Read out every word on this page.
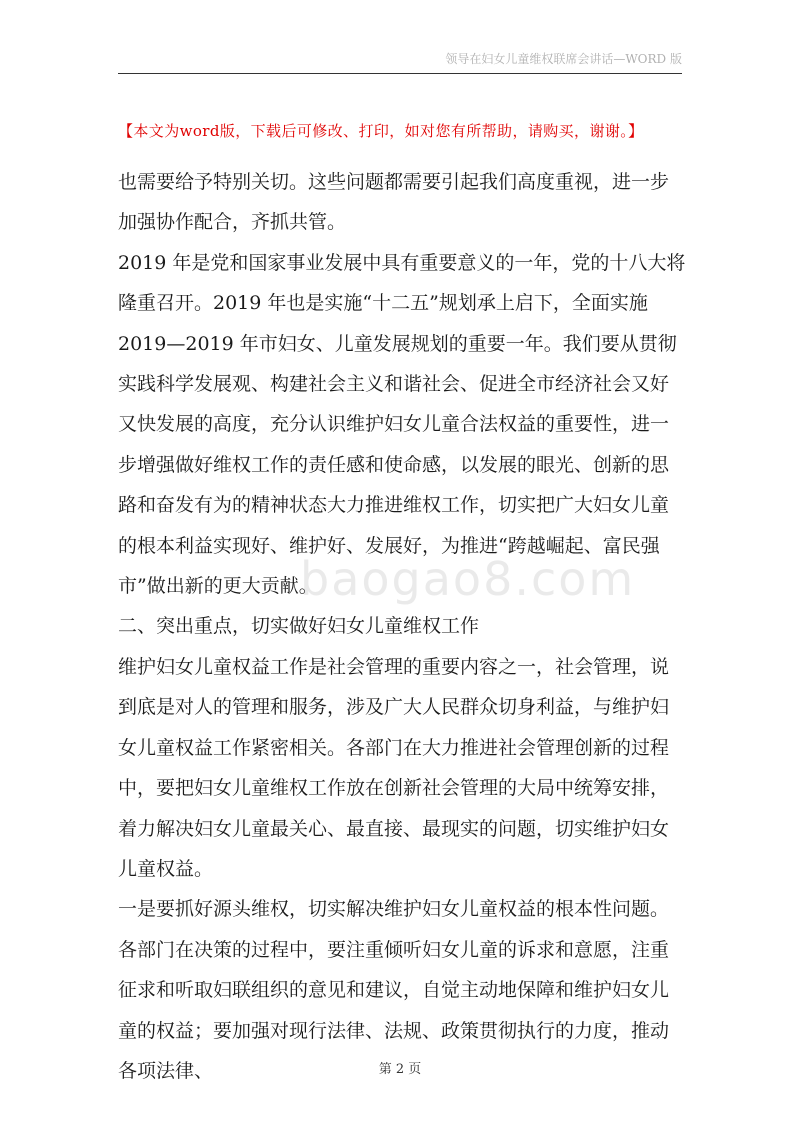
领导在妇女儿童维权联席会讲话—WORD 版
【本文为word版，下载后可修改、打印，如对您有所帮助，请购买，谢谢。】
baogao8.com

也需要给予特别关切。这些问题都需要引起我们高度重视，进一步加强协作配合，齐抓共管。

2019 年是党和国家事业发展中具有重要意义的一年，党的十八大将隆重召开。2019 年也是实施“十二五”规划承上启下，全面实施 2019—2019 年市妇女、儿童发展规划的重要一年。我们要从贯彻实践科学发展观、构建社会主义和谐社会、促进全市经济社会又好又快发展的高度，充分认识维护妇女儿童合法权益的重要性，进一步增强做好维权工作的责任感和使命感，以发展的眼光、创新的思路和奋发有为的精神状态大力推进维权工作，切实把广大妇女儿童的根本利益实现好、维护好、发展好，为推进“跨越崛起、富民强市”做出新的更大贡献。

二、突出重点，切实做好妇女儿童维权工作

维护妇女儿童权益工作是社会管理的重要内容之一，社会管理，说到底是对人的管理和服务，涉及广大人民群众切身利益，与维护妇女儿童权益工作紧密相关。各部门在大力推进社会管理创新的过程中，要把妇女儿童维权工作放在创新社会管理的大局中统筹安排，着力解决妇女儿童最关心、最直接、最现实的问题，切实维护妇女儿童权益。

一是要抓好源头维权，切实解决维护妇女儿童权益的根本性问题。各部门在决策的过程中，要注重倾听妇女儿童的诉求和意愿，注重征求和听取妇联组织的意见和建议，自觉主动地保障和维护妇女儿童的权益；要加强对现行法律、法规、政策贯彻执行的力度，推动各项法律、	第 2 页
